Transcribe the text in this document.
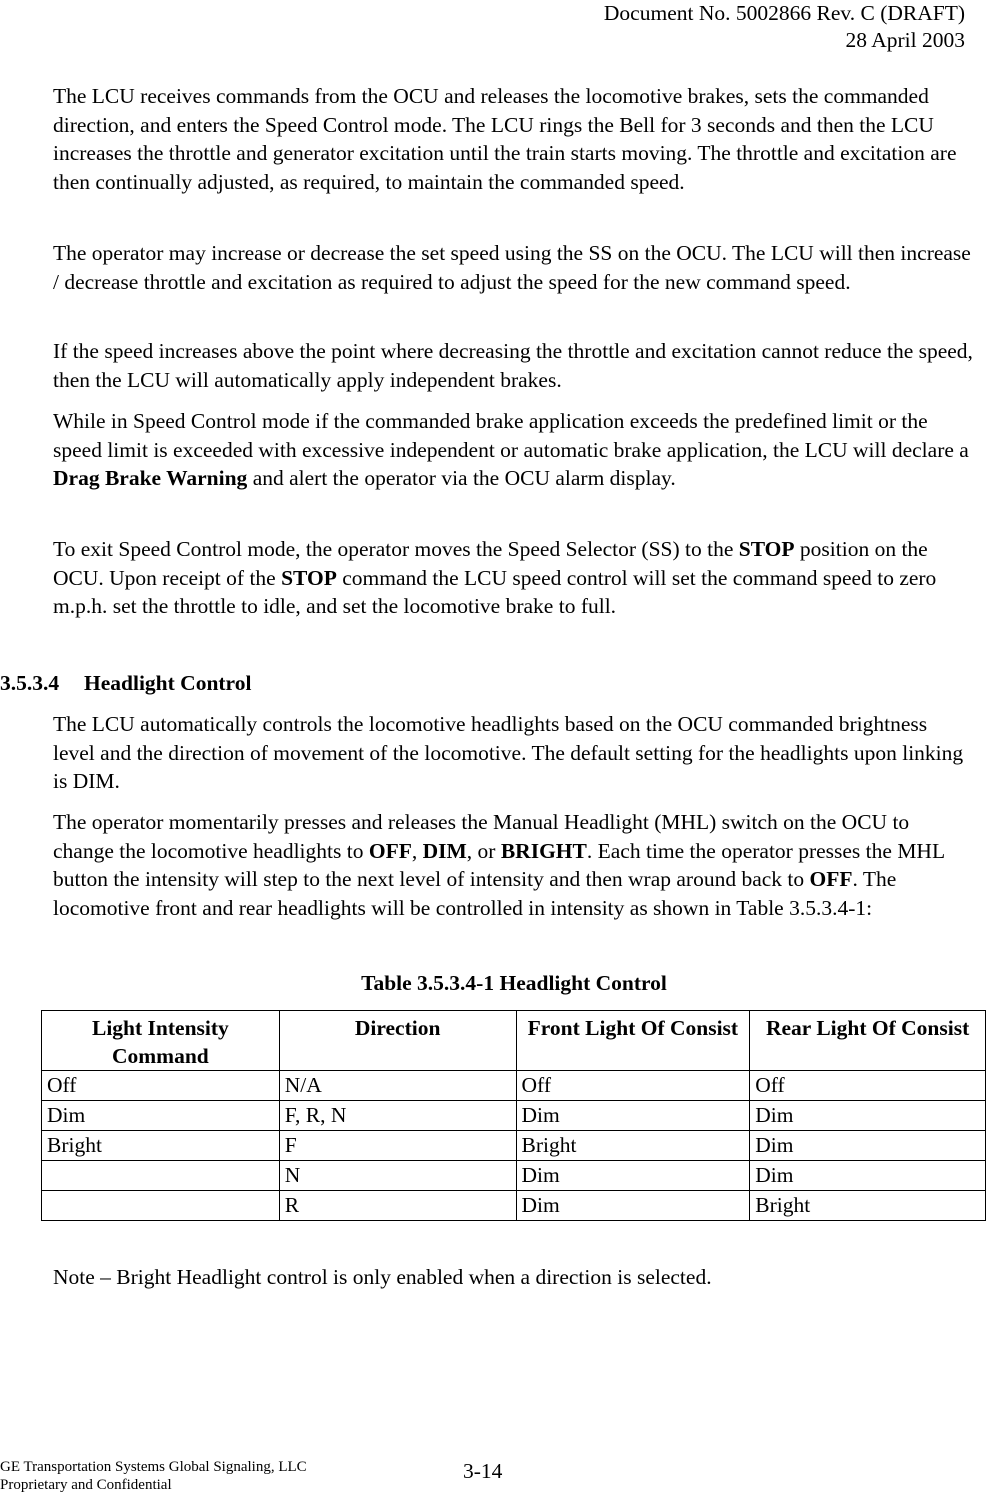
Document No. 5002866 Rev. C (DRAFT)
28 April 2003

The LCU receives commands from the OCU and releases the locomotive brakes, sets the commanded direction, and enters the Speed Control mode. The LCU rings the Bell for 3 seconds and then the LCU increases the throttle and generator excitation until the train starts moving. The throttle and excitation are then continually adjusted, as required, to maintain the commanded speed.

The operator may increase or decrease the set speed using the SS on the OCU. The LCU will then increase / decrease throttle and excitation as required to adjust the speed for the new command speed.

If the speed increases above the point where decreasing the throttle and excitation cannot reduce the speed, then the LCU will automatically apply independent brakes.

While in Speed Control mode if the commanded brake application exceeds the predefined limit or the speed limit is exceeded with excessive independent or automatic brake application, the LCU will declare a Drag Brake Warning and alert the operator via the OCU alarm display.

To exit Speed Control mode, the operator moves the Speed Selector (SS) to the STOP position on the OCU. Upon receipt of the STOP command the LCU speed control will set the command speed to zero m.p.h. set the throttle to idle, and set the locomotive brake to full.

3.5.3.4 Headlight Control

The LCU automatically controls the locomotive headlights based on the OCU commanded brightness level and the direction of movement of the locomotive. The default setting for the headlights upon linking is DIM.

The operator momentarily presses and releases the Manual Headlight (MHL) switch on the OCU to change the locomotive headlights to OFF, DIM, or BRIGHT. Each time the operator presses the MHL button the intensity will step to the next level of intensity and then wrap around back to OFF. The locomotive front and rear headlights will be controlled in intensity as shown in Table 3.5.3.4-1:

Table 3.5.3.4-1 Headlight Control
Light Intensity Command	Direction	Front Light Of Consist	Rear Light Of Consist
Off	N/A	Off	Off
Dim	F, R, N	Dim	Dim
Bright	F	Bright	Dim
	N	Dim	Dim
	R	Dim	Bright
Note – Bright Headlight control is only enabled when a direction is selected.
GE Transportation Systems Global Signaling, LLC
Proprietary and Confidential
3-14
